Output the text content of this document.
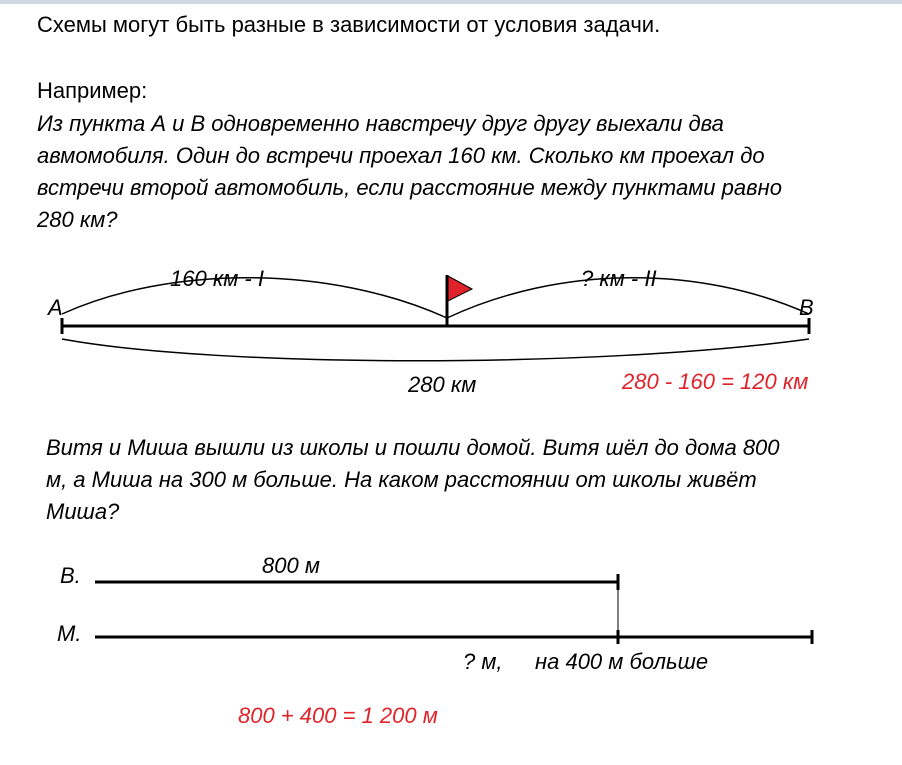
Схемы могут быть разные в зависимости от условия задачи.

Например:

Из пункта А и В одновременно навстречу друг другу выехали два
авмомобиля. Один до встречи проехал 160 км. Сколько км проехал до
встречи второй автомобиль, если расстояние между пунктами равно
280 км?
А	В
160 км - I	? км - II
280 км	280 - 160 = 120 км
Витя и Миша вышли из школы и пошли домой. Витя шёл до дома 800
м, а Миша на 300 м больше. На каком расстоянии от школы живёт
Миша?
В.
М.
800 м
? м, на 400 м больше
800 + 400 = 1 200 м
